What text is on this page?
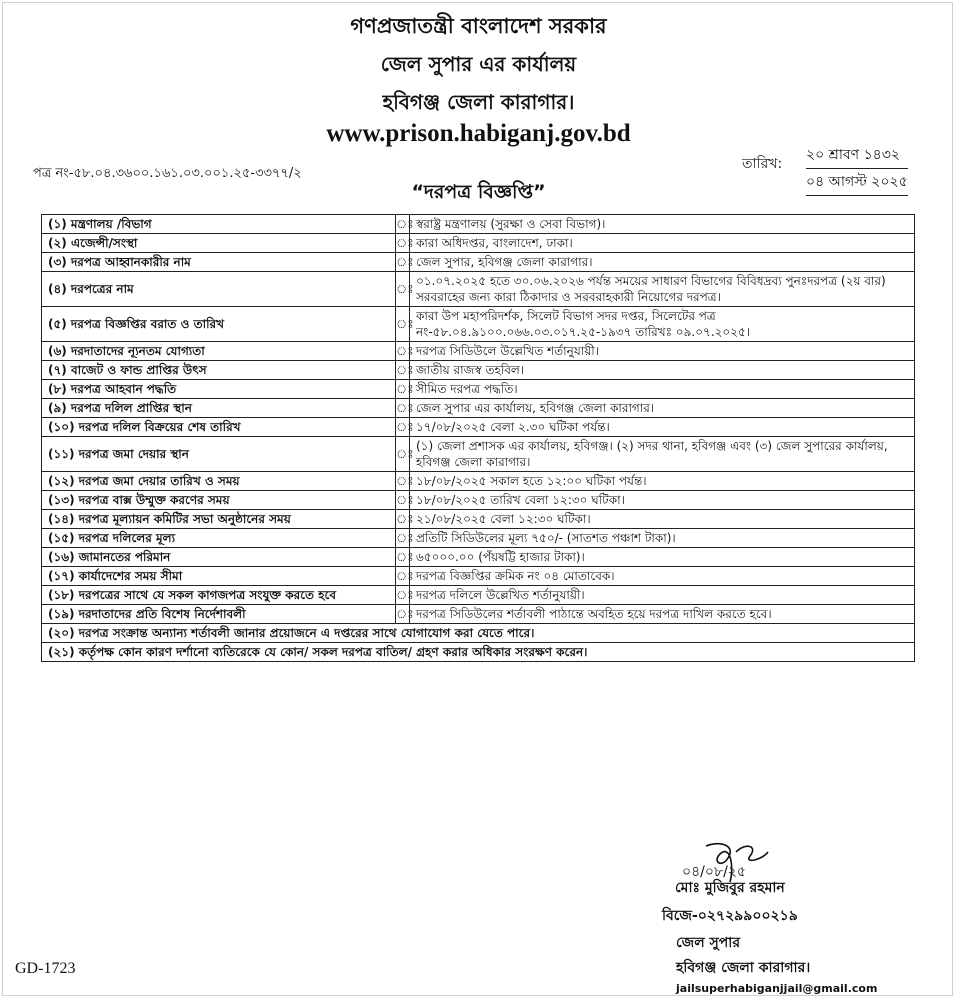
গণপ্রজাতন্ত্রী বাংলাদেশ সরকার
জেল সুপার এর কার্যালয়
হবিগঞ্জ জেলা কারাগার।
www.prison.habiganj.gov.bd
পত্র নং-৫৮.০৪.৩৬০০.১৬১.০৩.০০১.২৫-৩৩৭৭/২
তারিখ:
২০ শ্রাবণ ১৪৩২
০৪ আগস্ট ২০২৫
“দরপত্র বিজ্ঞপ্তি”
(১) মন্ত্রণালয় /বিভাগ	ঃ	স্বরাষ্ট্র মন্ত্রণালয় (সুরক্ষা ও সেবা বিভাগ)।
(২) এজেন্সী/সংস্থা	ঃ	কারা অধিদপ্তর, বাংলাদেশ, ঢাকা।
(৩) দরপত্র আহ্বানকারীর নাম	ঃ	জেল সুপার, হবিগঞ্জ জেলা কারাগার।
(৪) দরপত্রের নাম	ঃ	০১.০৭.২০২৫ হতে ৩০.০৬.২০২৬ পর্যন্ত সময়ের সাধারণ বিভাগের বিবিধদ্রব্য পুনঃদরপত্র (২য় বার) সরবরাহের জন্য কারা ঠিকাদার ও সরবরাহকারী নিয়োগের দরপত্র।
(৫) দরপত্র বিজ্ঞপ্তির বরাত ও তারিখ	ঃ	কারা উপ মহাপরিদর্শক, সিলেট বিভাগ সদর দপ্তর, সিলেটের পত্র নং-৫৮.০৪.৯১০০.০৬৬.০৩.০১৭.২৫-১৯৩৭ তারিখঃ ০৯.০৭.২০২৫।
(৬) দরদাতাদের ন্যূনতম যোগ্যতা	ঃ	দরপত্র সিডিউলে উল্লেখিত শর্তানুযায়ী।
(৭) বাজেট ও ফান্ড প্রাপ্তির উৎস	ঃ	জাতীয় রাজস্ব তহবিল।
(৮) দরপত্র আহবান পদ্ধতি	ঃ	সীমিত দরপত্র পদ্ধতি।
(৯) দরপত্র দলিল প্রাপ্তির স্থান	ঃ	জেল সুপার এর কার্যালয়, হবিগঞ্জ জেলা কারাগার।
(১০) দরপত্র দলিল বিক্রয়ের শেষ তারিখ	ঃ	১৭/০৮/২০২৫ বেলা ২.৩০ ঘটিকা পর্যন্ত।
(১১) দরপত্র জমা দেয়ার স্থান	ঃ	(১) জেলা প্রশাসক এর কার্যালয়, হবিগঞ্জ। (২) সদর থানা, হবিগঞ্জ এবং (৩) জেল সুপারের কার্যালয়, হবিগঞ্জ জেলা কারাগার।
(১২) দরপত্র জমা দেয়ার তারিখ ও সময়	ঃ	১৮/০৮/২০২৫ সকাল হতে ১২:০০ ঘটিকা পর্যন্ত।
(১৩) দরপত্র বাক্স উম্মুক্ত করণের সময়	ঃ	১৮/০৮/২০২৫ তারিখ বেলা ১২:৩০ ঘটিকা।
(১৪) দরপত্র মূল্যায়ন কমিটির সভা অনুষ্ঠানের সময়	ঃ	২১/০৮/২০২৫ বেলা ১২:৩০ ঘটিকা।
(১৫) দরপত্র দলিলের মূল্য	ঃ	প্রতিটি সিডিউলের মূল্য ৭৫০/- (সাতশত পঞ্চাশ টাকা)।
(১৬) জামানতের পরিমান	ঃ	৬৫০০০.০০ (পঁয়ষট্টি হাজার টাকা)।
(১৭) কার্যাদেশের সময় সীমা	ঃ	দরপত্র বিজ্ঞপ্তির ক্রমিক নং ০৪ মোতাবেক।
(১৮) দরপত্রের সাথে যে সকল কাগজপত্র সংযুক্ত করতে হবে	ঃ	দরপত্র দলিলে উল্লেখিত শর্তানুযায়ী।
(১৯) দরদাতাদের প্রতি বিশেষ নির্দেশাবলী	ঃ	দরপত্র সিডিউলের শর্তাবলী পাঠান্তে অবহিত হয়ে দরপত্র দাখিল করতে হবে।
(২০) দরপত্র সংক্রান্ত অন্যান্য শর্তাবলী জানার প্রয়োজনে এ দপ্তরের সাথে যোগাযোগ করা যেতে পারে।		
(২১) কর্তৃপক্ষ কোন কারণ দর্শানো ব্যতিরেকে যে কোন/ সকল দরপত্র বাতিল/ গ্রহণ করার অধিকার সংরক্ষণ করেন।		
০৪/০৮/২৫
মোঃ মুজিবুর রহমান
বিজে-০২৭২৯৯০০২১৯
জেল সুপার
হবিগঞ্জ জেলা কারাগার।
jailsuperhabiganjjail@gmail.com
GD-1723
